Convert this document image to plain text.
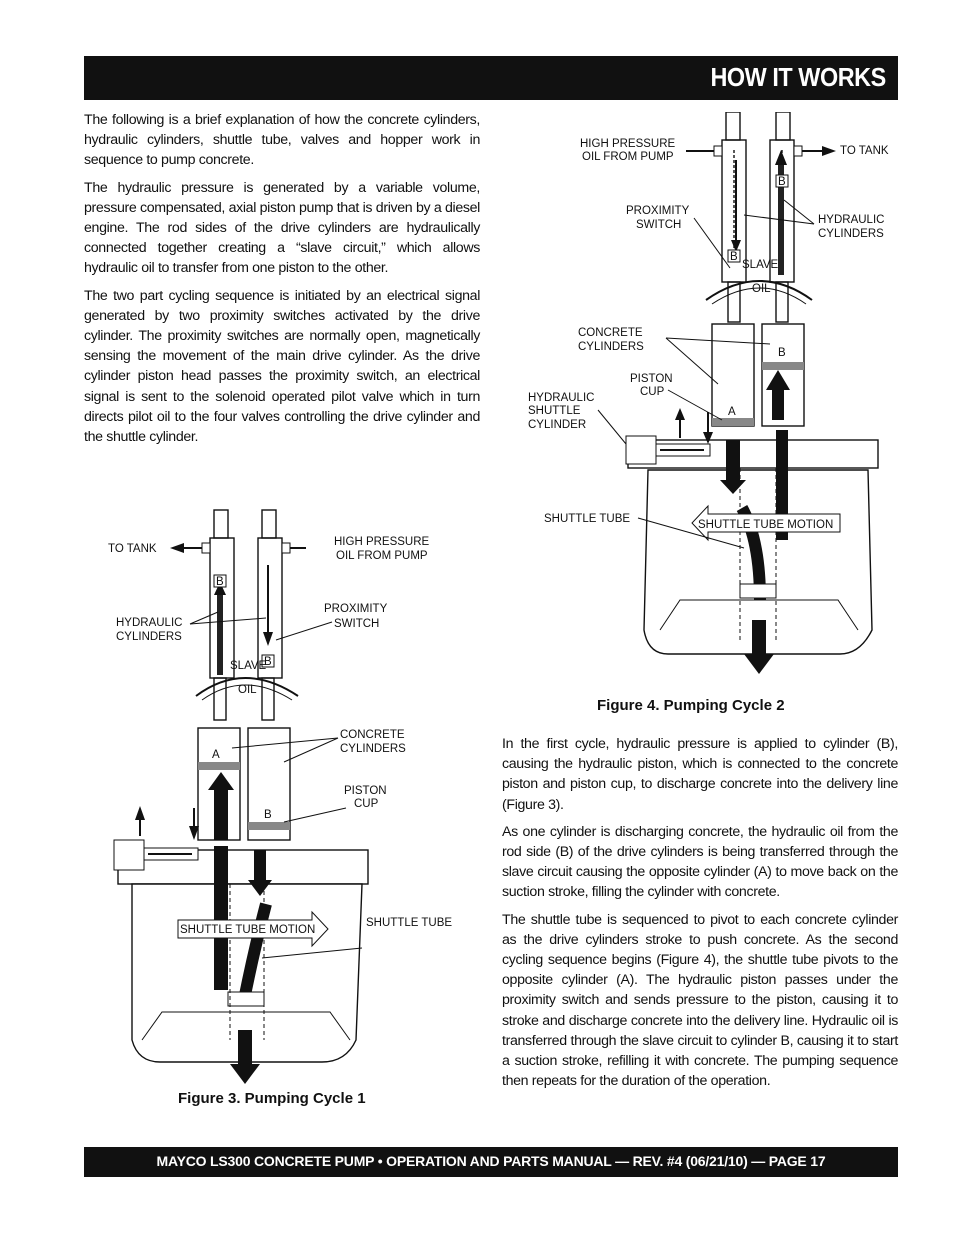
HOW IT WORKS

The following is a brief explanation of how the concrete cylinders, hydraulic cylinders, shuttle tube, valves and hopper work in sequence to pump concrete.

The hydraulic pressure is generated by a variable volume, pressure compensated, axial piston pump that is driven by a diesel engine. The rod sides of the drive cylinders are hydraulically connected together creating a “slave circuit,” which allows hydraulic oil to transfer from one piston to the other.

The two part cycling sequence is initiated by an electrical signal generated by two proximity switches activated by the drive cylinder. The proximity switches are normally open, magnetically sensing the movement of the main drive cylinder. As the drive cylinder piston head passes the proximity switch, an electrical signal is sent to the solenoid operated pilot valve which in turn directs pilot oil to the four valves controlling the drive cylinder and the shuttle cylinder.

B
B
SHUTTLE TUBE MOTION
HIGH PRESSURE
OIL FROM PUMP	TO TANK
PROXIMITY
SWITCH	HYDRAULIC
CYLINDERS
SLAVE
OIL
CONCRETE
CYLINDERS
PISTON
CUP
HYDRAULIC
SHUTTLE
CYLINDER
SHUTTLE TUBE
A
B
Figure 4. Pumping Cycle 2

In the first cycle, hydraulic pressure is applied to cylinder (B), causing the hydraulic piston, which is connected to the concrete piston and piston cup, to discharge concrete into the delivery line (Figure 3).

As one cylinder is discharging concrete, the hydraulic oil from the rod side (B) of the drive cylinders is being transferred through the slave circuit causing the opposite cylinder (A) to move back on the suction stroke, filling the cylinder with concrete.

The shuttle tube is sequenced to pivot to each concrete cylinder as the drive cylinders stroke to push concrete. As the second cycling sequence begins (Figure 4), the shuttle tube pivots to the opposite cylinder (A). The hydraulic piston passes under the proximity switch and sends pressure to the piston, causing it to stroke and discharge concrete into the delivery line. Hydraulic oil is transferred through the slave circuit to cylinder B, causing it to start a suction stroke, refilling it with concrete. The pumping sequence then repeats for the duration of the operation.

B
B
SHUTTLE TUBE MOTION
TO TANK
HIGH PRESSURE
OIL FROM PUMP
HYDRAULIC
CYLINDERS
PROXIMITY
SWITCH
SLAVE
OIL
CONCRETE
CYLINDERS
PISTON
CUP
SHUTTLE TUBE
A
B
Figure 3. Pumping Cycle 1
MAYCO LS300 CONCRETE PUMP • OPERATION AND PARTS MANUAL — REV. #4 (06/21/10) — PAGE 17
